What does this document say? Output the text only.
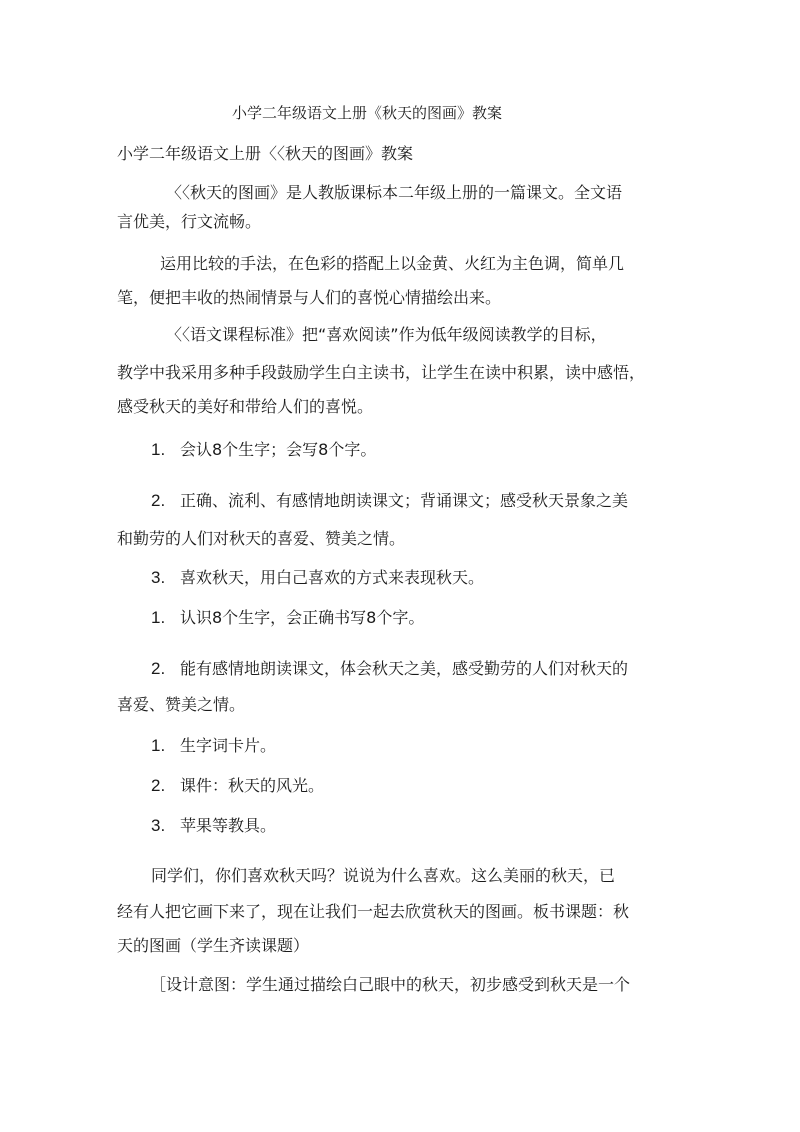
小学二年级语文上册《秋天的图画》教案
小学二年级语文上册〈〈秋天的图画》教案
〈〈秋天的图画》是人教版课标本二年级上册的一篇课文。全文语
言优美，行文流畅。
运用比较的手法，在色彩的搭配上以金黄、火红为主色调，简单几
笔，便把丰收的热闹情景与人们的喜悦心情描绘出来。
〈〈语文课程标准》把“喜欢阅读”作为低年级阅读教学的目标，
教学中我采用多种手段鼓励学生白主读书，让学生在读中积累，读中感悟，
感受秋天的美好和带给人们的喜悦。
1. 会认8个生字；会写8个字。
2. 正确、流利、有感情地朗读课文；背诵课文；感受秋天景象之美
和勤劳的人们对秋天的喜爱、赞美之情。
3. 喜欢秋天，用白己喜欢的方式来表现秋天。
1. 认识8个生字，会正确书写8个字。
2. 能有感情地朗读课文，体会秋天之美，感受勤劳的人们对秋天的
喜爱、赞美之情。
1. 生字词卡片。
2. 课件：秋天的风光。
3. 苹果等教具。
同学们，你们喜欢秋天吗？说说为什么喜欢。这么美丽的秋天，已
经有人把它画下来了，现在让我们一起去欣赏秋天的图画。板书课题：秋
天的图画（学生齐读课题）
［设计意图：学生通过描绘白己眼中的秋天，初步感受到秋天是一个
